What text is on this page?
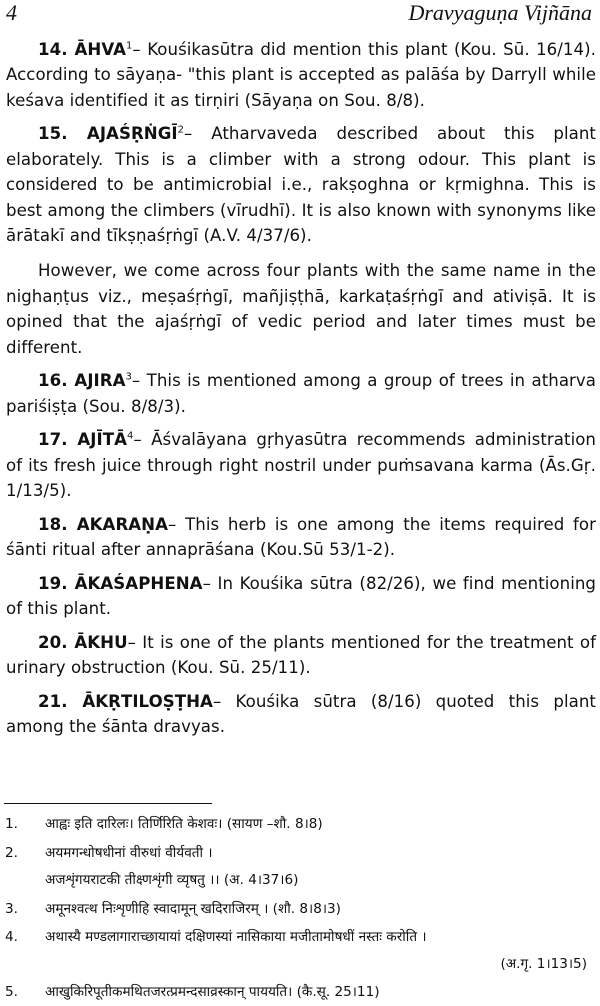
4	Dravyaguṇa Vijñāna

14. ĀHVA$^1$– Kouśikasūtra did mention this plant (Kou. Sū. 16/14). According to sāyaṇa- "this plant is accepted as palāśa by Darryll while keśava identified it as tirṇiri (Sāyaṇa on Sou. 8/8).

15. AJAŚṚṄGĪ$^2$– Atharvaveda described about this plant elaborately. This is a climber with a strong odour. This plant is considered to be antimicrobial i.e., rakṣoghna or kṛmighna. This is best among the climbers (vīrudhī). It is also known with synonyms like ārātakī and tīkṣṇaśṛṅgī (A.V. 4/37/6).

However, we come across four plants with the same name in the nighaṇṭus viz., meṣaśṛṅgī, mañjiṣṭhā, karkaṭaśṛṅgī and ativiṣā. It is opined that the ajaśṛṅgī of vedic period and later times must be different.

16. AJIRA$^3$– This is mentioned among a group of trees in atharva pariśiṣṭa (Sou. 8/8/3).

17. AJĪTĀ$^4$– Āśvalāyana gṛhyasūtra recommends administration of its fresh juice through right nostril under puṁsavana karma (Ās.Gṛ. 1/13/5).

18. AKARAṆA– This herb is one among the items required for śānti ritual after annaprāśana (Kou.Sū 53/1-2).

19. ĀKAŚAPHENA– In Kouśika sūtra (82/26), we find mentioning of this plant.

20. ĀKHU– It is one of the plants mentioned for the treatment of urinary obstruction (Kou. Sū. 25/11).

21. ĀKṚTILOṢṬHA– Kouśika sūtra (8/16) quoted this plant among the śānta dravyas.

1. आह्वः इति दारिलः। तिर्णिरिति केशवः। (सायण –शौ. 8।8)
2. अयमगन्धोषधीनां वीरुधां वीर्यवती ।
अजशृंगयराटकी तीक्ष्णशृंगी व्यृषतु ।। (अ. 4।37।6)
3. अमूनश्वत्थ निःशृणीहि स्वादामून् खदिराजिरम् । (शौ. 8।8।3)
4. अथास्यै मण्डलागाराच्छायायां दक्षिणस्यां नासिकाया मजीतामोषधीं नस्तः करोति ।
(अ.गृ. 1।13।5)
5. आखुकिरिपूतीकमथितजरत्प्रमन्दसाव्रस्कान् पाययति। (कै.सू. 25।11)
